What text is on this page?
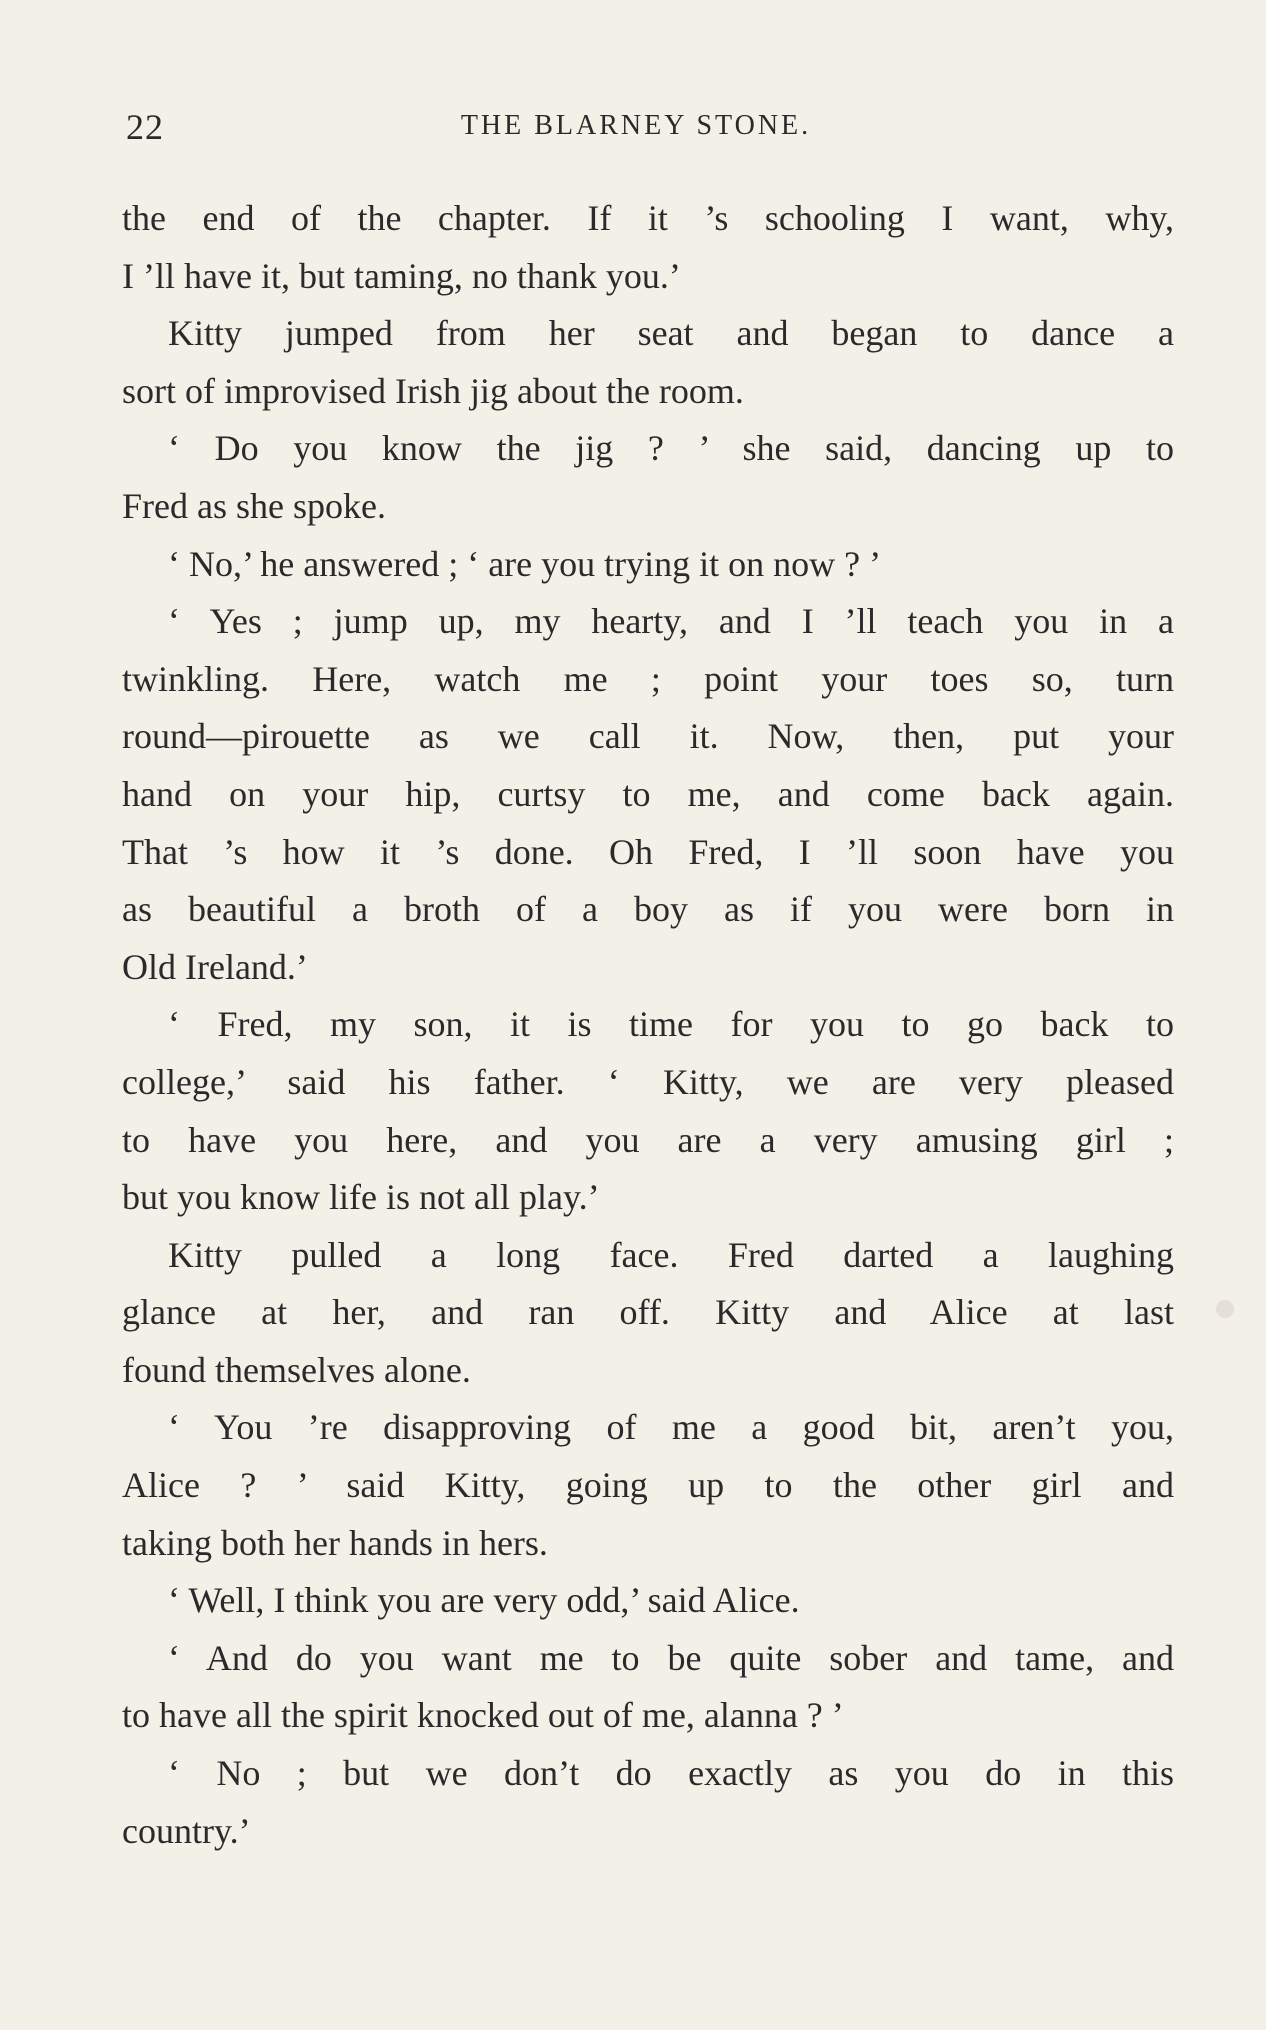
22	THE BLARNEY STONE.
the end of the chapter. If it ’s schooling I want, why,
I ’ll have it, but taming, no thank you.’
Kitty jumped from her seat and began to dance a
sort of improvised Irish jig about the room.
‘ Do you know the jig ? ’ she said, dancing up to
Fred as she spoke.
‘ No,’ he answered ; ‘ are you trying it on now ? ’
‘ Yes ; jump up, my hearty, and I ’ll teach you in a
twinkling. Here, watch me ; point your toes so, turn
round—pirouette as we call it. Now, then, put your
hand on your hip, curtsy to me, and come back again.
That ’s how it ’s done. Oh Fred, I ’ll soon have you
as beautiful a broth of a boy as if you were born in
Old Ireland.’
‘ Fred, my son, it is time for you to go back to
college,’ said his father. ‘ Kitty, we are very pleased
to have you here, and you are a very amusing girl ;
but you know life is not all play.’
Kitty pulled a long face. Fred darted a laughing
glance at her, and ran off. Kitty and Alice at last
found themselves alone.
‘ You ’re disapproving of me a good bit, aren’t you,
Alice ? ’ said Kitty, going up to the other girl and
taking both her hands in hers.
‘ Well, I think you are very odd,’ said Alice.
‘ And do you want me to be quite sober and tame, and
to have all the spirit knocked out of me, alanna ? ’
‘ No ; but we don’t do exactly as you do in this
country.’
